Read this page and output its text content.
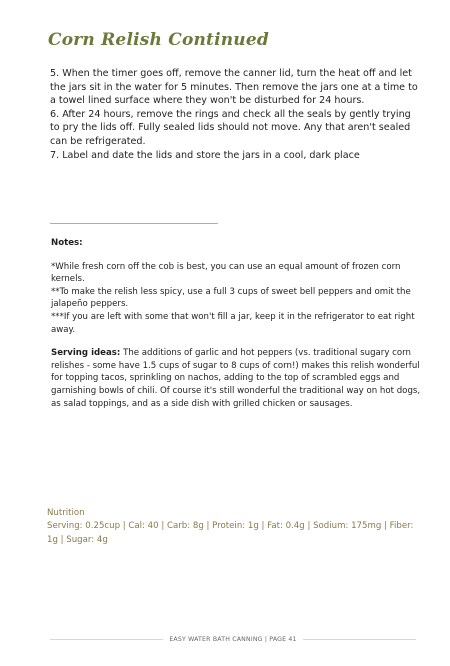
Corn Relish Continued

5. When the timer goes off, remove the canner lid, turn the heat off and let the jars sit in the water for 5 minutes. Then remove the jars one at a time to a towel lined surface where they won't be disturbed for 24 hours.

6. After 24 hours, remove the rings and check all the seals by gently trying to pry the lids off. Fully sealed lids should not move. Any that aren't sealed can be refrigerated.

7. Label and date the lids and store the jars in a cool, dark place

Notes:

*While fresh corn off the cob is best, you can use an equal amount of frozen corn kernels.

**To make the relish less spicy, use a full 3 cups of sweet bell peppers and omit the jalapeño peppers.

***If you are left with some that won't fill a jar, keep it in the refrigerator to eat right away.

Serving ideas: The additions of garlic and hot peppers (vs. traditional sugary corn relishes - some have 1.5 cups of sugar to 8 cups of corn!) makes this relish wonderful for topping tacos, sprinkling on nachos, adding to the top of scrambled eggs and garnishing bowls of chili. Of course it's still wonderful the traditional way on hot dogs, as salad toppings, and as a side dish with grilled chicken or sausages.

Nutrition

Serving: 0.25cup | Cal: 40 | Carb: 8g | Protein: 1g | Fat: 0.4g | Sodium: 175mg | Fiber: 1g | Sugar: 4g

EASY WATER BATH CANNING | PAGE 41
